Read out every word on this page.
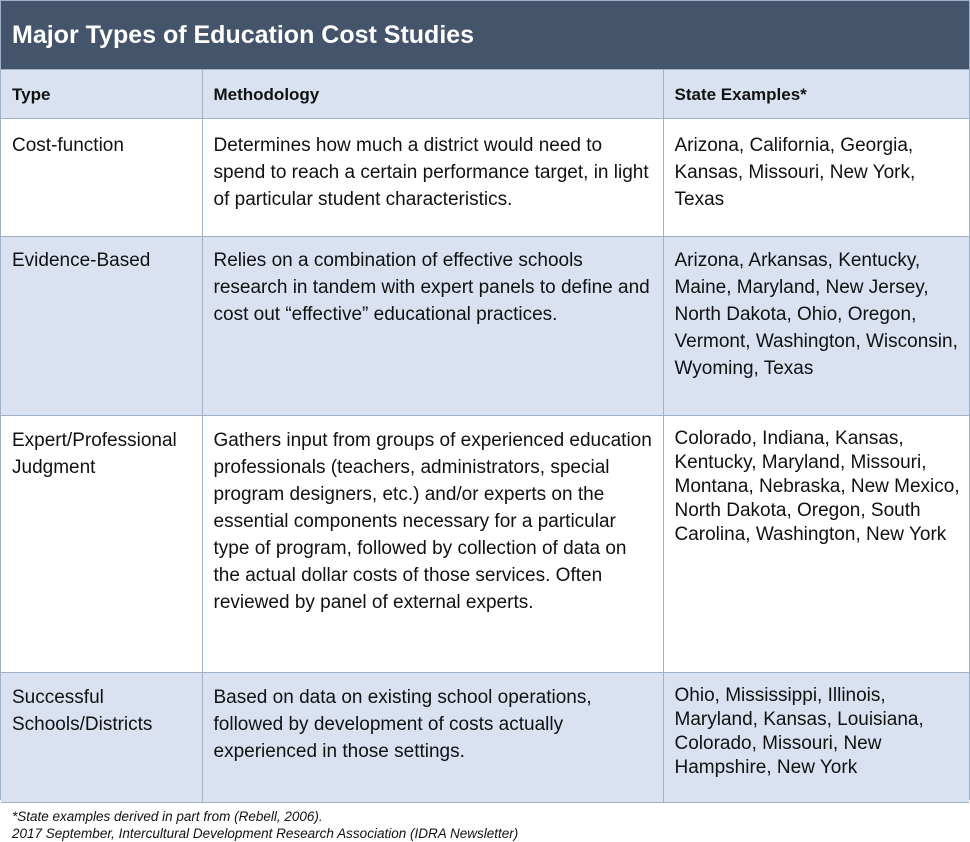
Major Types of Education Cost Studies
Type	Methodology	State Examples*
Cost-function	Determines how much a district would need to spend to reach a certain performance target, in light of particular student characteristics.	Arizona, California, Georgia, Kansas, Missouri, New York, Texas
Evidence-Based	Relies on a combination of effective schools research in tandem with expert panels to define and cost out “effective” educational practices.	Arizona, Arkansas, Kentucky, Maine, Maryland, New Jersey, North Dakota, Ohio, Oregon, Vermont, Washington, Wisconsin, Wyoming, Texas
Expert/Professional Judgment	Gathers input from groups of experienced education professionals (teachers, administrators, special program designers, etc.) and/or experts on the essential components necessary for a particular type of program, followed by collection of data on the actual dollar costs of those services. Often reviewed by panel of external experts.	Colorado, Indiana, Kansas, Kentucky, Maryland, Missouri, Montana, Nebraska, New Mexico, North Dakota, Oregon, South Carolina, Washington, New York
Successful Schools/Districts	Based on data on existing school operations, followed by development of costs actually experienced in those settings.	Ohio, Mississippi, Illinois, Maryland, Kansas, Louisiana, Colorado, Missouri, New Hampshire, New York
*State examples derived in part from (Rebell, 2006).
2017 September, Intercultural Development Research Association (IDRA Newsletter)
